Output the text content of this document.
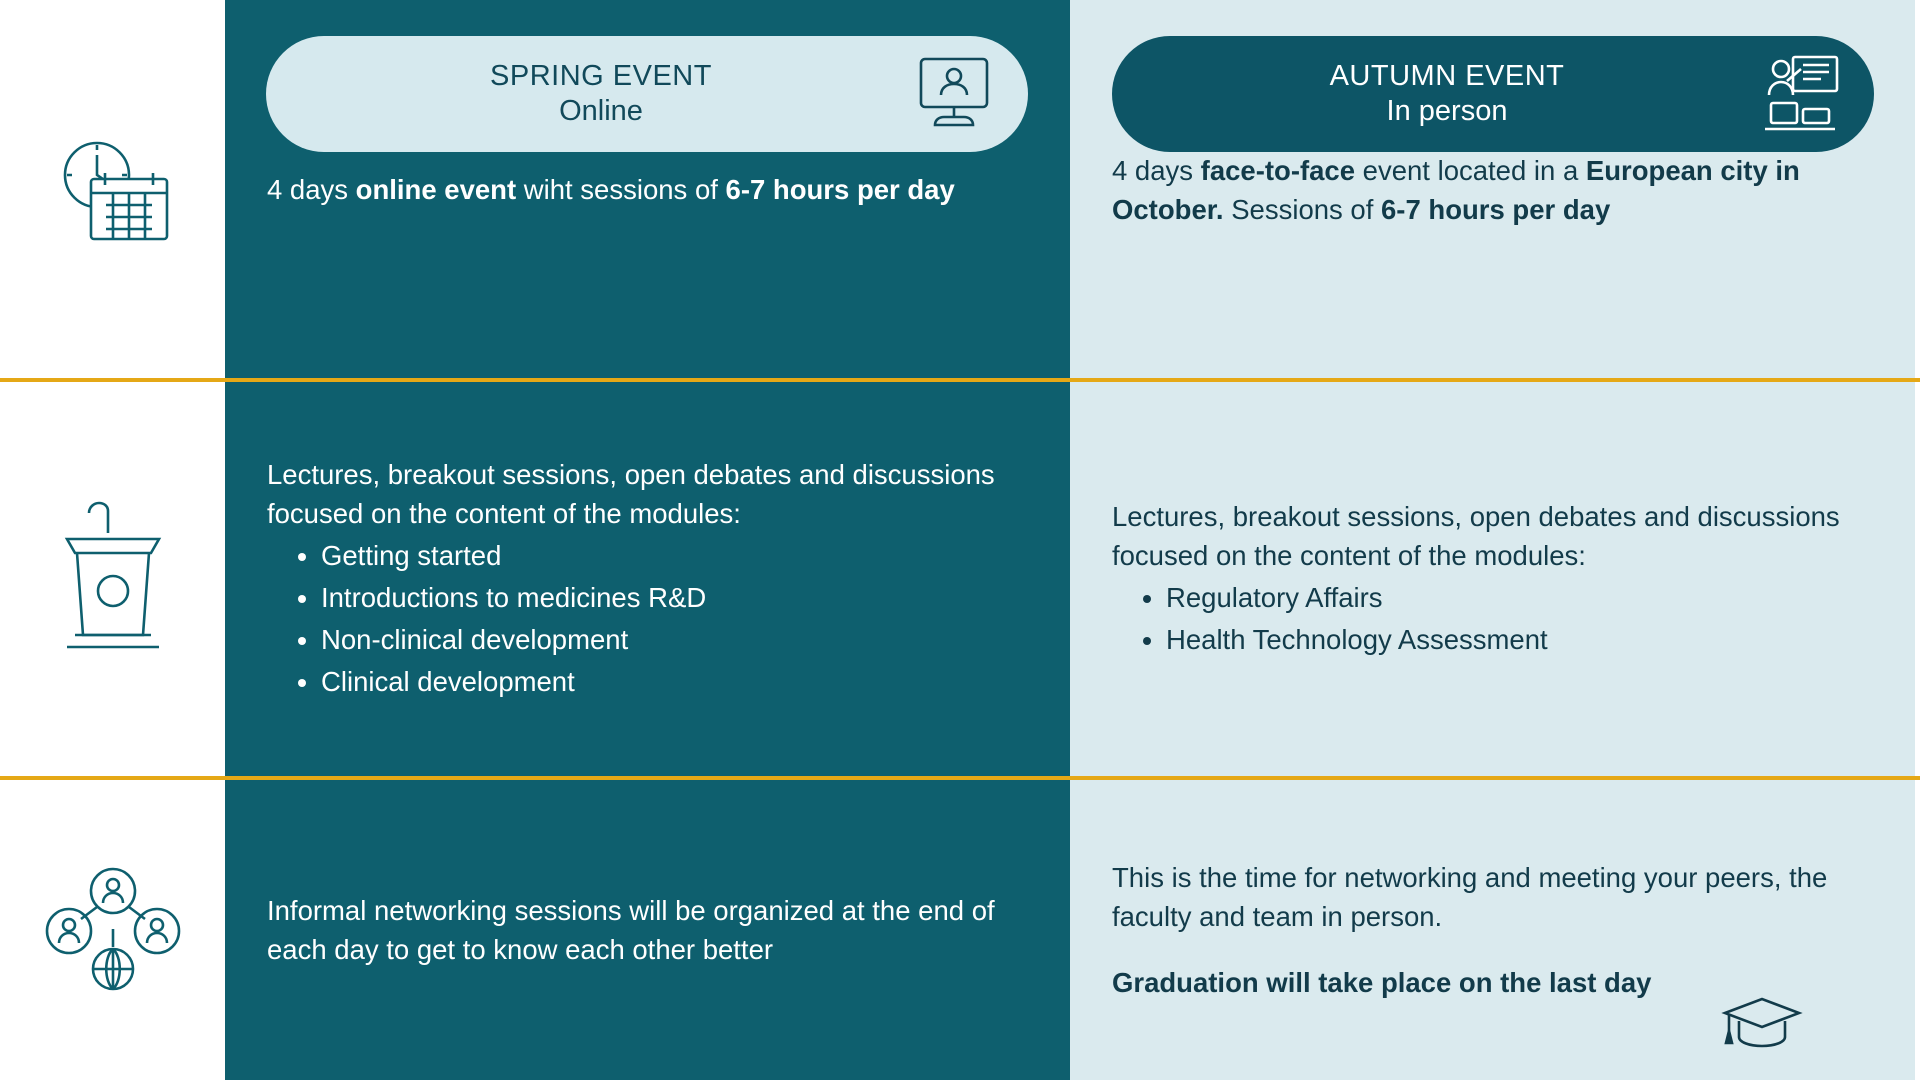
SPRING EVENT
Online
AUTUMN EVENT
In person
4 days online event wiht sessions of 6-7 hours per day
4 days face-to-face event located in a European city in October. Sessions of 6-7 hours per day
Lectures, breakout sessions, open debates and discussions focused on the content of the modules:
• Getting started
• Introductions to medicines R&D
• Non-clinical development
• Clinical development
Lectures, breakout sessions, open debates and discussions focused on the content of the modules:
• Regulatory Affairs
• Health Technology Assessment
Informal networking sessions will be organized at the end of each day to get to know each other better
This is the time for networking and meeting your peers, the faculty and team in person.
Graduation will take place on the last day
